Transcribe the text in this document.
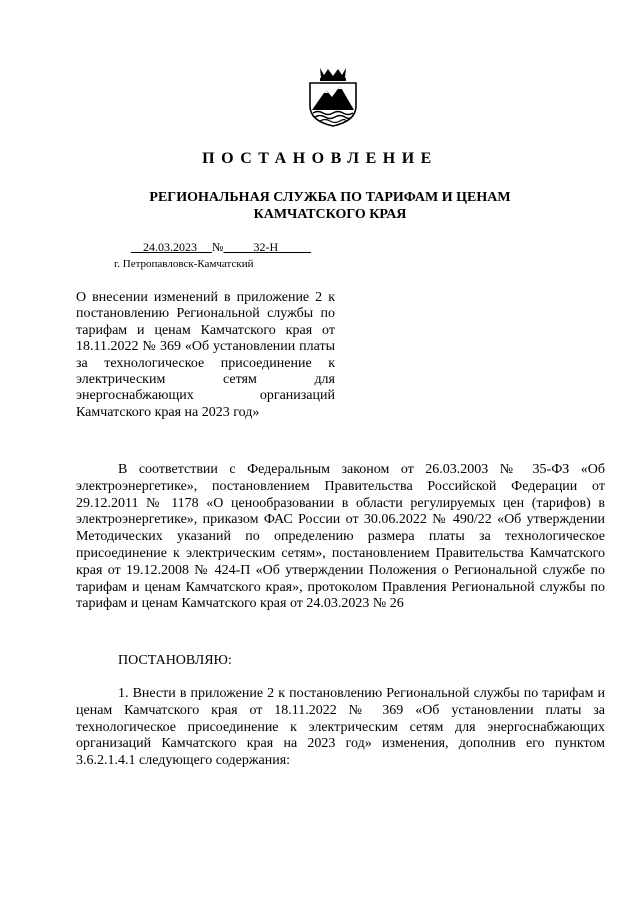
ПОСТАНОВЛЕНИЕ
РЕГИОНАЛЬНАЯ СЛУЖБА ПО ТАРИФАМ И ЦЕНАМ
КАМЧАТСКОГО КРАЯ
24.03.2023 №	32-Н
г. Петропавловск-Камчатский
О внесении изменений в приложение 2 к постановлению Региональной службы по тарифам и ценам Камчатского края от 18.11.2022 № 369 «Об установлении платы за технологическое присоединение к электрическим сетям для энергоснабжающих организаций Камчатского края на 2023 год»
В соответствии с Федеральным законом от 26.03.2003 № 35-ФЗ «Об электроэнергетике», постановлением Правительства Российской Федерации от 29.12.2011 № 1178 «О ценообразовании в области регулируемых цен (тарифов) в электроэнергетике», приказом ФАС России от 30.06.2022 № 490/22 «Об утверждении Методических указаний по определению размера платы за технологическое присоединение к электрическим сетям», постановлением Правительства Камчатского края от 19.12.2008 № 424-П «Об утверждении Положения о Региональной службе по тарифам и ценам Камчатского края», протоколом Правления Региональной службы по тарифам и ценам Камчатского края от 24.03.2023 № 26
ПОСТАНОВЛЯЮ:
1. Внести в приложение 2 к постановлению Региональной службы по тарифам и ценам Камчатского края от 18.11.2022 № 369 «Об установлении платы за технологическое присоединение к электрическим сетям для энергоснабжающих организаций Камчатского края на 2023 год» изменения, дополнив его пунктом 3.6.2.1.4.1 следующего содержания:
